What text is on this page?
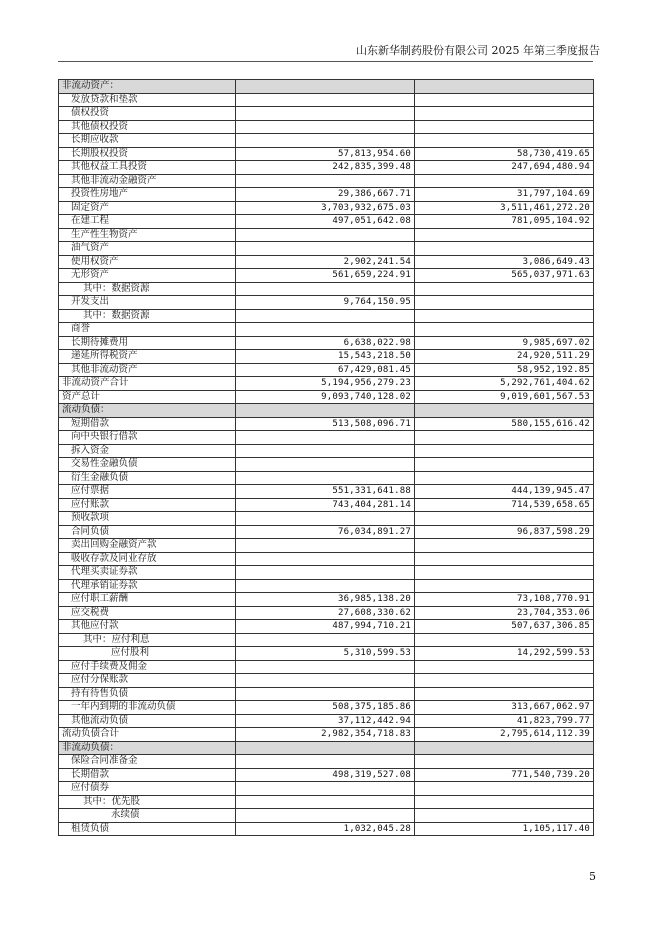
山东新华制药股份有限公司 2025 年第三季度报告
非流动资产：		
发放贷款和垫款		
债权投资		
其他债权投资		
长期应收款		
长期股权投资	57,813,954.60	58,730,419.65
其他权益工具投资	242,835,399.48	247,694,480.94
其他非流动金融资产		
投资性房地产	29,386,667.71	31,797,104.69
固定资产	3,703,932,675.03	3,511,461,272.20
在建工程	497,051,642.08	781,095,104.92
生产性生物资产		
油气资产		
使用权资产	2,902,241.54	3,086,649.43
无形资产	561,659,224.91	565,037,971.63
其中：数据资源		
开发支出	9,764,150.95	
其中：数据资源		
商誉		
长期待摊费用	6,638,022.98	9,985,697.02
递延所得税资产	15,543,218.50	24,920,511.29
其他非流动资产	67,429,081.45	58,952,192.85
非流动资产合计	5,194,956,279.23	5,292,761,404.62
资产总计	9,093,740,128.02	9,019,601,567.53
流动负债：		
短期借款	513,508,096.71	580,155,616.42
向中央银行借款		
拆入资金		
交易性金融负债		
衍生金融负债		
应付票据	551,331,641.88	444,139,945.47
应付账款	743,404,281.14	714,539,658.65
预收款项		
合同负债	76,034,891.27	96,837,598.29
卖出回购金融资产款		
吸收存款及同业存放		
代理买卖证券款		
代理承销证券款		
应付职工薪酬	36,985,138.20	73,108,770.91
应交税费	27,608,330.62	23,704,353.06
其他应付款	487,994,710.21	507,637,306.85
其中：应付利息		
应付股利	5,310,599.53	14,292,599.53
应付手续费及佣金		
应付分保账款		
持有待售负债		
一年内到期的非流动负债	508,375,185.86	313,667,062.97
其他流动负债	37,112,442.94	41,823,799.77
流动负债合计	2,982,354,718.83	2,795,614,112.39
非流动负债：		
保险合同准备金		
长期借款	498,319,527.08	771,540,739.20
应付债券		
其中：优先股		
永续债		
租赁负债	1,032,045.28	1,105,117.40
5
